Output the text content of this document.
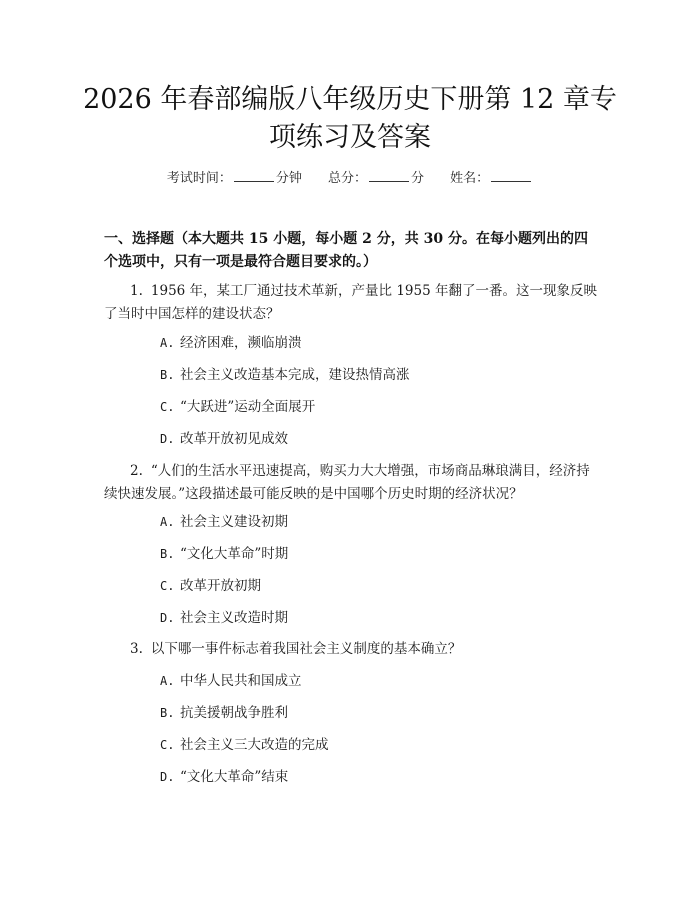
2026 年春部编版八年级历史下册第 12 章专
项练习及答案
考试时间：	分钟 总分：	分 姓名：
一、选择题（本大题共 15 小题，每小题 2 分，共 30 分。在每小题列出的四个选项中，只有一项是最符合题目要求的。）
1. 1956 年，某工厂通过技术革新，产量比 1955 年翻了一番。这一现象反映了当时中国怎样的建设状态？
A. 经济困难，濒临崩溃
B. 社会主义改造基本完成，建设热情高涨
C. “大跃进”运动全面展开
D. 改革开放初见成效
2. “人们的生活水平迅速提高，购买力大大增强，市场商品琳琅满目，经济持续快速发展。”这段描述最可能反映的是中国哪个历史时期的经济状况？
A. 社会主义建设初期
B. “文化大革命”时期
C. 改革开放初期
D. 社会主义改造时期
3. 以下哪一事件标志着我国社会主义制度的基本确立？
A. 中华人民共和国成立
B. 抗美援朝战争胜利
C. 社会主义三大改造的完成
D. “文化大革命”结束
